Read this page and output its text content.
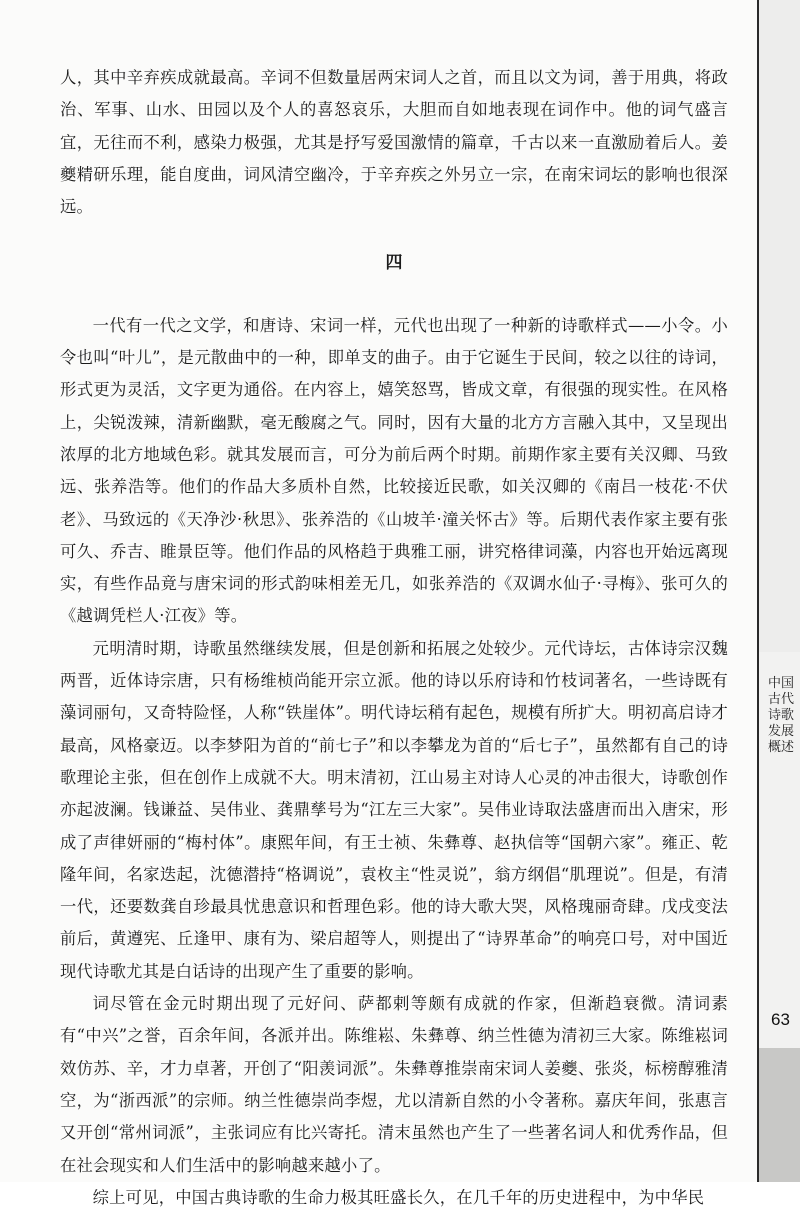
人，其中辛弃疾成就最高。辛词不但数量居两宋词人之首，而且以文为词，善于用典，将政治、军事、山水、田园以及个人的喜怒哀乐，大胆而自如地表现在词作中。他的词气盛言宜，无往而不利，感染力极强，尤其是抒写爱国激情的篇章，千古以来一直激励着后人。姜夔精研乐理，能自度曲，词风清空幽冷，于辛弃疾之外另立一宗，在南宋词坛的影响也很深远。

四

一代有一代之文学，和唐诗、宋词一样，元代也出现了一种新的诗歌样式——小令。小令也叫“叶儿”，是元散曲中的一种，即单支的曲子。由于它诞生于民间，较之以往的诗词，形式更为灵活，文字更为通俗。在内容上，嬉笑怒骂，皆成文章，有很强的现实性。在风格上，尖锐泼辣，清新幽默，毫无酸腐之气。同时，因有大量的北方方言融入其中，又呈现出浓厚的北方地域色彩。就其发展而言，可分为前后两个时期。前期作家主要有关汉卿、马致远、张养浩等。他们的作品大多质朴自然，比较接近民歌，如关汉卿的《南吕一枝花·不伏老》、马致远的《天净沙·秋思》、张养浩的《山坡羊·潼关怀古》等。后期代表作家主要有张可久、乔吉、睢景臣等。他们作品的风格趋于典雅工丽，讲究格律词藻，内容也开始远离现实，有些作品竟与唐宋词的形式韵味相差无几，如张养浩的《双调水仙子·寻梅》、张可久的《越调凭栏人·江夜》等。

元明清时期，诗歌虽然继续发展，但是创新和拓展之处较少。元代诗坛，古体诗宗汉魏两晋，近体诗宗唐，只有杨维桢尚能开宗立派。他的诗以乐府诗和竹枝词著名，一些诗既有藻词丽句，又奇特险怪，人称“铁崖体”。明代诗坛稍有起色，规模有所扩大。明初高启诗才最高，风格豪迈。以李梦阳为首的“前七子”和以李攀龙为首的“后七子”，虽然都有自己的诗歌理论主张，但在创作上成就不大。明末清初，江山易主对诗人心灵的冲击很大，诗歌创作亦起波澜。钱谦益、吴伟业、龚鼎孳号为“江左三大家”。吴伟业诗取法盛唐而出入唐宋，形成了声律妍丽的“梅村体”。康熙年间，有王士祯、朱彝尊、赵执信等“国朝六家”。雍正、乾隆年间，名家迭起，沈德潜持“格调说”，袁枚主“性灵说”，翁方纲倡“肌理说”。但是，有清一代，还要数龚自珍最具忧患意识和哲理色彩。他的诗大歌大哭，风格瑰丽奇肆。戊戌变法前后，黄遵宪、丘逢甲、康有为、梁启超等人，则提出了“诗界革命”的响亮口号，对中国近现代诗歌尤其是白话诗的出现产生了重要的影响。

词尽管在金元时期出现了元好问、萨都剌等颇有成就的作家，但渐趋衰微。清词素有“中兴”之誉，百余年间，各派并出。陈维崧、朱彝尊、纳兰性德为清初三大家。陈维崧词效仿苏、辛，才力卓著，开创了“阳羡词派”。朱彝尊推崇南宋词人姜夔、张炎，标榜醇雅清空，为“浙西派”的宗师。纳兰性德崇尚李煜，尤以清新自然的小令著称。嘉庆年间，张惠言又开创“常州词派”，主张词应有比兴寄托。清末虽然也产生了一些著名词人和优秀作品，但在社会现实和人们生活中的影响越来越小了。

综上可见，中国古典诗歌的生命力极其旺盛长久，在几千年的历史进程中，为中华民

中国古代诗歌发展概述
63
